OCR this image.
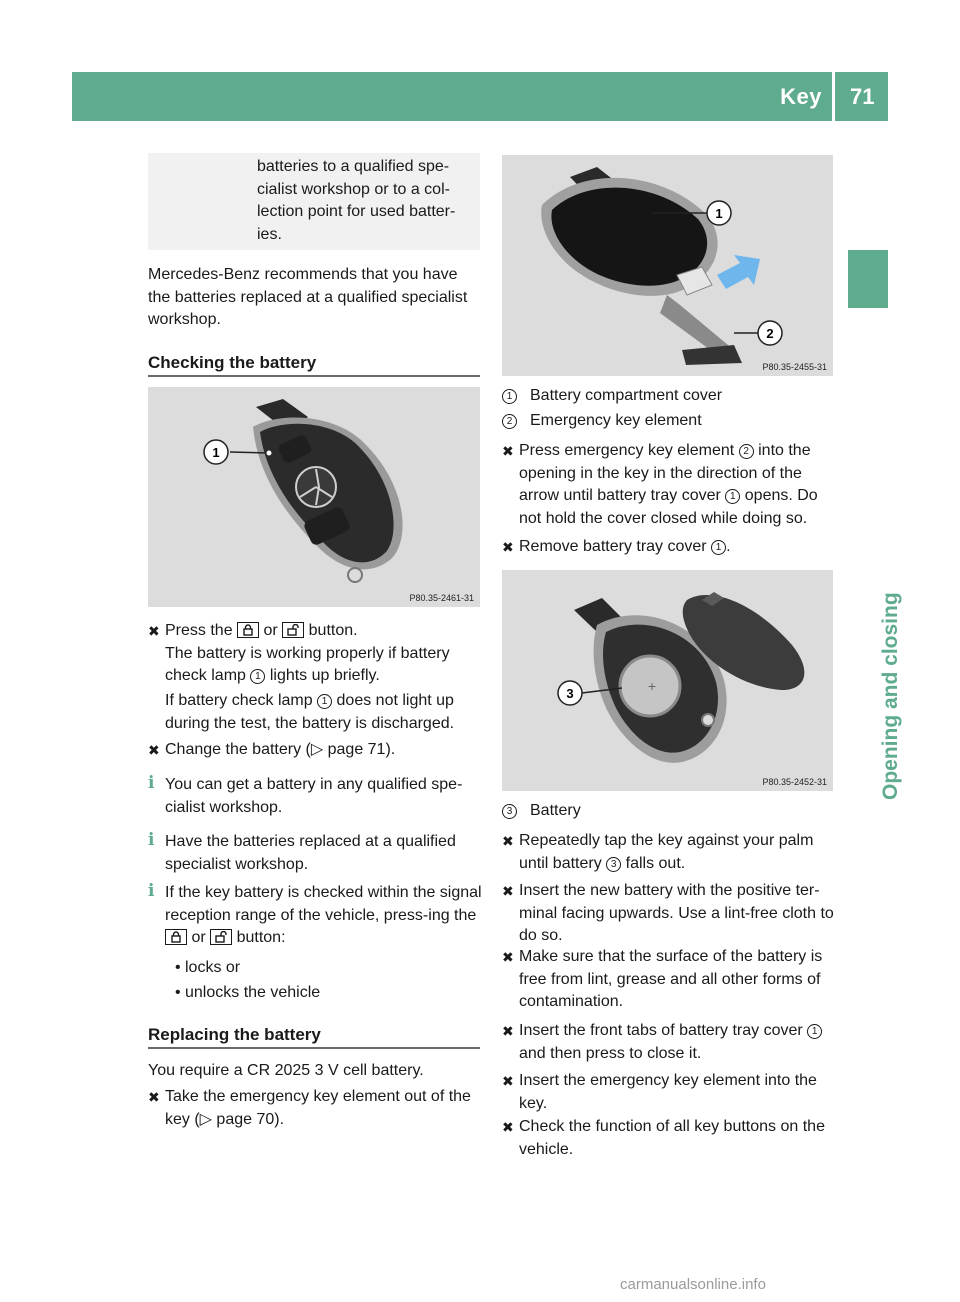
Key 71
Opening and closing
batteries to a qualified spe-
cialist workshop or to a col-
lection point for used batter-
ies.
Mercedes-Benz recommends that you have the batteries replaced at a qualified specialist workshop.
Checking the battery
1
P80.35-2461-31
✖ Press the or button.
The battery is working properly if battery check lamp 1 lights up briefly.
If battery check lamp 1 does not light up during the test, the battery is discharged.
✖ Change the battery (▷ page 71).
i You can get a battery in any qualified spe-cialist workshop.
i Have the batteries replaced at a qualified specialist workshop.
i If the key battery is checked within the signal reception range of the vehicle, press-ing the
or button:
• locks or
• unlocks the vehicle
Replacing the battery
You require a CR 2025 3 V cell battery.
✖ Take the emergency key element out of the key (▷ page 70).
1
2
P80.35-2455-31
1 Battery compartment cover
2 Emergency key element
✖ Press emergency key element 2 into the opening in the key in the direction of the arrow until battery tray cover 1 opens. Do not hold the cover closed while doing so.
✖ Remove battery tray cover 1 .
+
3
P80.35-2452-31
3 Battery
✖ Repeatedly tap the key against your palm until battery 3 falls out.
✖ Insert the new battery with the positive ter-minal facing upwards. Use a lint-free cloth to do so.
✖ Make sure that the surface of the battery is free from lint, grease and all other forms of contamination.
✖ Insert the front tabs of battery tray cover 1 and then press to close it.
✖ Insert the emergency key element into the key.
✖ Check the function of all key buttons on the vehicle.
carmanualsonline.info
